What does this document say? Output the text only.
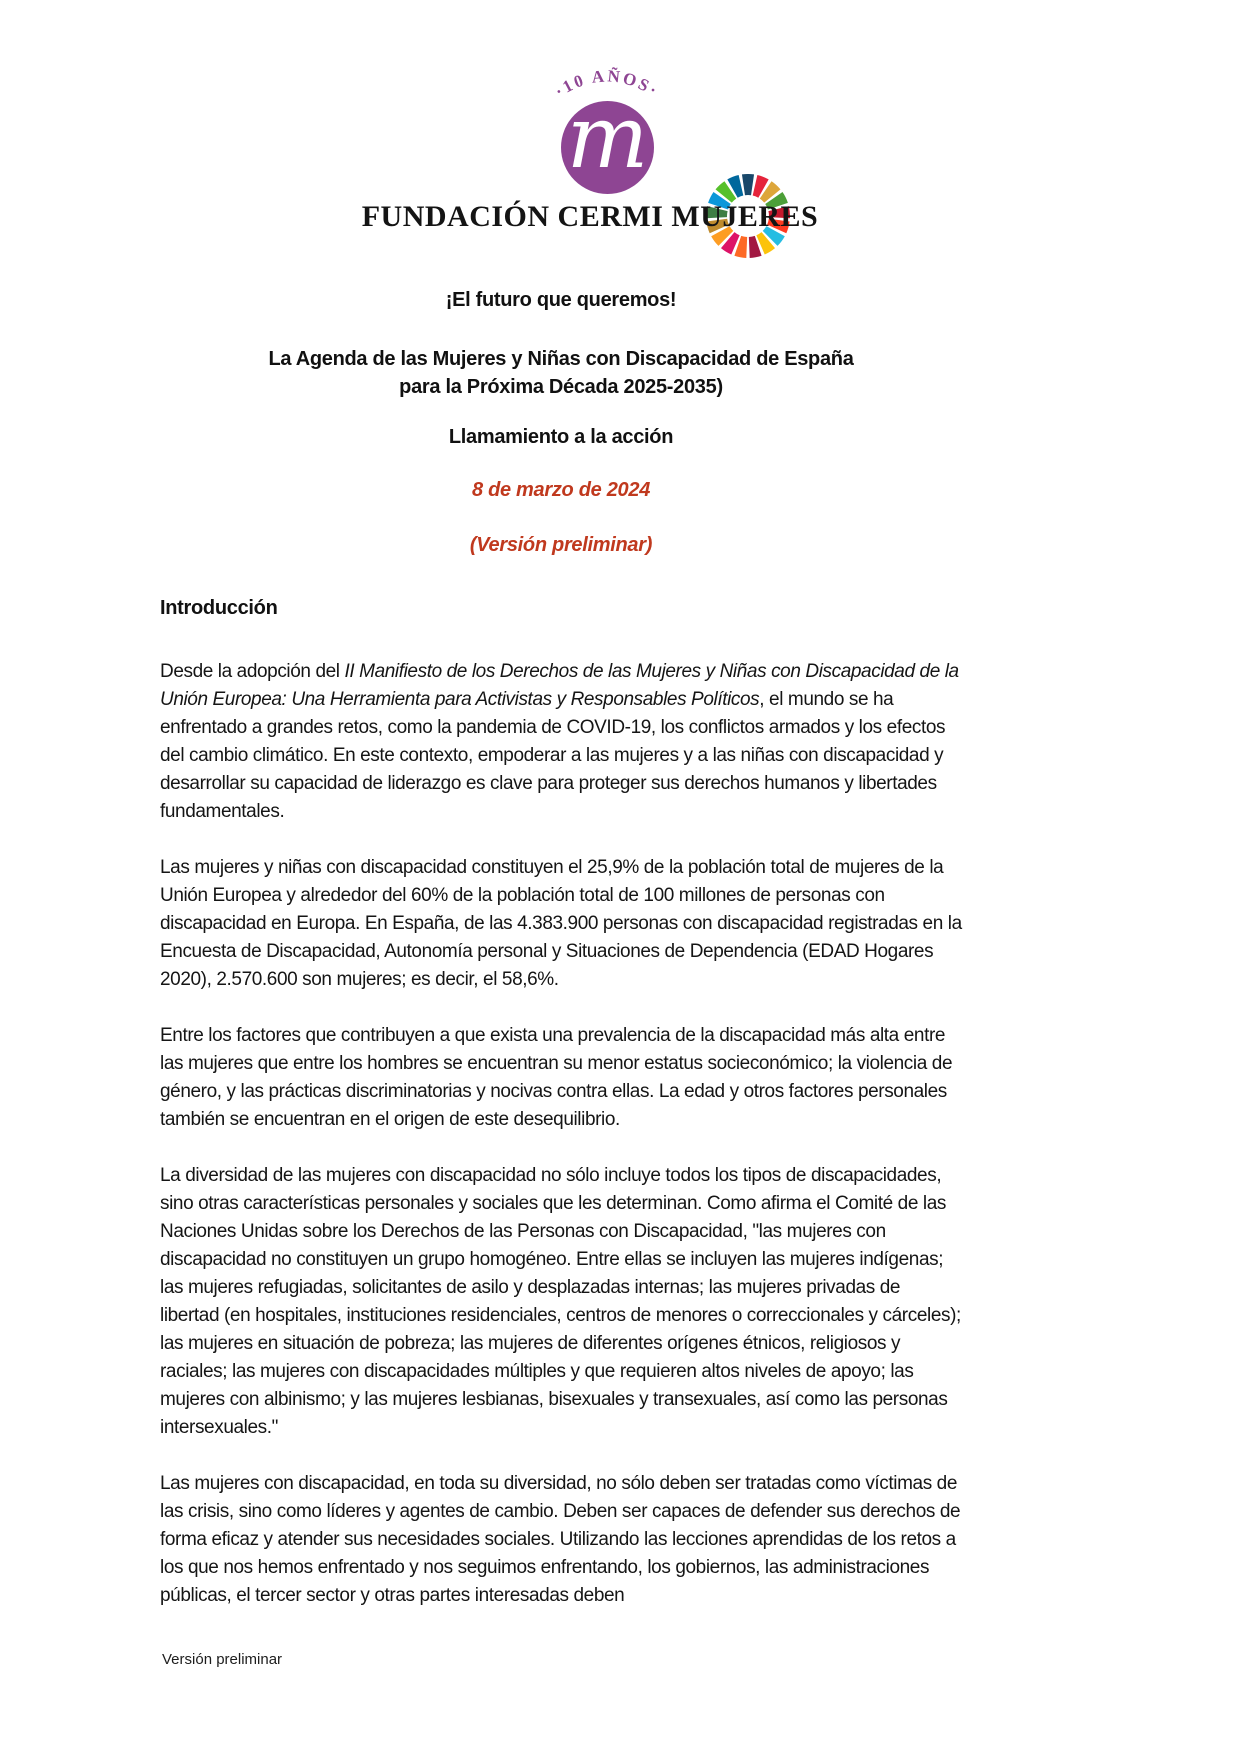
·10 AÑOS·
m
FUNDACIÓN CERMI MUJERES
¡El futuro que queremos!
La Agenda de las Mujeres y Niñas con Discapacidad de España
para la Próxima Década 2025-2035)
Llamamiento a la acción
8 de marzo de 2024
(Versión preliminar)
Introducción

Desde la adopción del II Manifiesto de los Derechos de las Mujeres y Niñas con Discapacidad de la Unión Europea: Una Herramienta para Activistas y Responsables Políticos, el mundo se ha enfrentado a grandes retos, como la pandemia de COVID-19, los conflictos armados y los efectos del cambio climático. En este contexto, empoderar a las mujeres y a las niñas con discapacidad y desarrollar su capacidad de liderazgo es clave para proteger sus derechos humanos y libertades fundamentales.

Las mujeres y niñas con discapacidad constituyen el 25,9% de la población total de mujeres de la Unión Europea y alrededor del 60% de la población total de 100 millones de personas con discapacidad en Europa. En España, de las 4.383.900 personas con discapacidad registradas en la Encuesta de Discapacidad, Autonomía personal y Situaciones de Dependencia (EDAD Hogares 2020), 2.570.600 son mujeres; es decir, el 58,6%.

Entre los factores que contribuyen a que exista una prevalencia de la discapacidad más alta entre las mujeres que entre los hombres se encuentran su menor estatus socieconómico; la violencia de género, y las prácticas discriminatorias y nocivas contra ellas. La edad y otros factores personales también se encuentran en el origen de este desequilibrio.

La diversidad de las mujeres con discapacidad no sólo incluye todos los tipos de discapacidades, sino otras características personales y sociales que les determinan. Como afirma el Comité de las Naciones Unidas sobre los Derechos de las Personas con Discapacidad, "las mujeres con discapacidad no constituyen un grupo homogéneo. Entre ellas se incluyen las mujeres indígenas; las mujeres refugiadas, solicitantes de asilo y desplazadas internas; las mujeres privadas de libertad (en hospitales, instituciones residenciales, centros de menores o correccionales y cárceles); las mujeres en situación de pobreza; las mujeres de diferentes orígenes étnicos, religiosos y raciales; las mujeres con discapacidades múltiples y que requieren altos niveles de apoyo; las mujeres con albinismo; y las mujeres lesbianas, bisexuales y transexuales, así como las personas intersexuales."

Las mujeres con discapacidad, en toda su diversidad, no sólo deben ser tratadas como víctimas de las crisis, sino como líderes y agentes de cambio. Deben ser capaces de defender sus derechos de forma eficaz y atender sus necesidades sociales. Utilizando las lecciones aprendidas de los retos a los que nos hemos enfrentado y nos seguimos enfrentando, los gobiernos, las administraciones públicas, el tercer sector y otras partes interesadas deben

Versión preliminar
